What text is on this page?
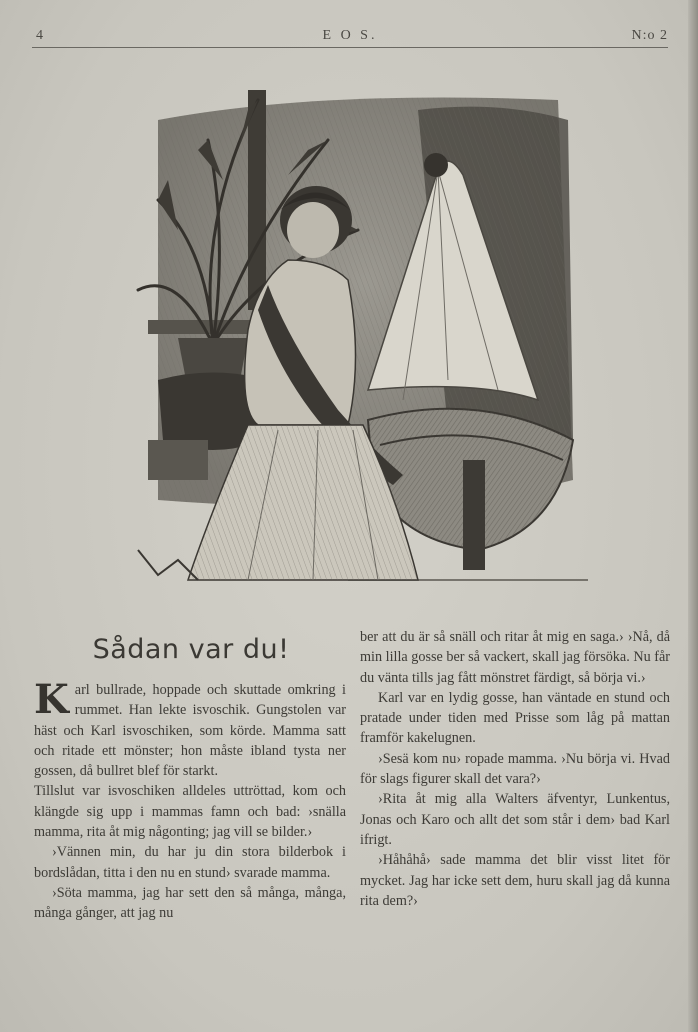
4	E O S.	N:o 2
Sådan var du!

K arl bullrade, hoppade och skuttade omkring i rummet. Han lekte isvoschik. Gungstolen var häst och Karl isvoschiken, som körde. Mamma satt och ritade ett mönster; hon måste ibland tysta ner gossen, då bullret blef för starkt.

Tillslut var isvoschiken alldeles uttröttad, kom och klängde sig upp i mammas famn och bad: ›snälla mamma, rita åt mig någonting; jag vill se bilder.›

›Vännen min, du har ju din stora bilderbok i bordslådan, titta i den nu en stund› svarade mamma.

›Söta mamma, jag har sett den så många, många, många gånger, att jag nu

ber att du är så snäll och ritar åt mig en saga.› ›Nå, då min lilla gosse ber så vackert, skall jag försöka. Nu får du vänta tills jag fått mönstret färdigt, så börja vi.›

Karl var en lydig gosse, han väntade en stund och pratade under tiden med Prisse som låg på mattan framför kakelugnen.

›Sesä kom nu› ropade mamma. ›Nu börja vi. Hvad för slags figurer skall det vara?›

›Rita åt mig alla Walters äfventyr, Lunkentus, Jonas och Karo och allt det som står i dem› bad Karl ifrigt.

›Håhåhå› sade mamma det blir visst litet för mycket. Jag har icke sett dem, huru skall jag då kunna rita dem?›
